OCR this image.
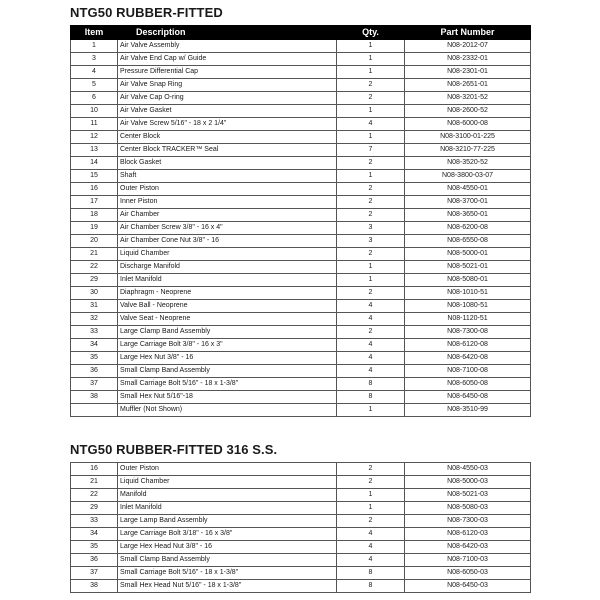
NTG50 RUBBER-FITTED
Item	Description	Qty.	Part Number
1	Air Valve Assembly	1	N08-2012-07
3	Air Valve End Cap w/ Guide	1	N08-2332-01
4	Pressure Differential Cap	1	N08-2301-01
5	Air Valve Snap Ring	2	N08-2651-01
6	Air Valve Cap O-ring	2	N08-3201-52
10	Air Valve Gasket	1	N08-2600-52
11	Air Valve Screw 5/16" - 18 x 2 1/4"	4	N08-6000-08
12	Center Block	1	N08-3100-01-225
13	Center Block TRACKER™ Seal	7	N08-3210-77-225
14	Block Gasket	2	N08-3520-52
15	Shaft	1	N08-3800-03-07
16	Outer Piston	2	N08-4550-01
17	Inner Piston	2	N08-3700-01
18	Air Chamber	2	N08-3650-01
19	Air Chamber Screw 3/8" - 16 x 4"	3	N08-6200-08
20	Air Chamber Cone Nut 3/8" - 16	3	N08-6550-08
21	Liquid Chamber	2	N08-5000-01
22	Discharge Manifold	1	N08-5021-01
29	Inlet Manifold	1	N08-5080-01
30	Diaphragm - Neoprene	2	N08-1010-51
31	Valve Ball - Neoprene	4	N08-1080-51
32	Valve Seat - Neoprene	4	N08-1120-51
33	Large Clamp Band Assembly	2	N08-7300-08
34	Large Carriage Bolt 3/8" - 16 x 3"	4	N08-6120-08
35	Large Hex Nut 3/8" - 16	4	N08-6420-08
36	Small Clamp Band Assembly	4	N08-7100-08
37	Small Carriage Bolt 5/16" - 18 x 1-3/8"	8	N08-6050-08
38	Small Hex Nut 5/16"-18	8	N08-6450-08
	Muffler (Not Shown)	1	N08-3510-99
NTG50 RUBBER-FITTED 316 S.S.
16	Outer Piston	2	N08-4550-03
21	Liquid Chamber	2	N08-5000-03
22	Manifold	1	N08-5021-03
29	Inlet Manifold	1	N08-5080-03
33	Large Lamp Band Assembly	2	N08-7300-03
34	Large Carriage Bolt 3/18" - 16 x 3/8"	4	N08-6120-03
35	Large Hex Head Nut 3/8" - 16	4	N08-6420-03
36	Small Clamp Band Assembly	4	N08-7100-03
37	Small Carriage Bolt 5/16" - 18 x 1-3/8"	8	N08-6050-03
38	Small Hex Head Nut 5/16" - 18 x 1-3/8"	8	N08-6450-03
